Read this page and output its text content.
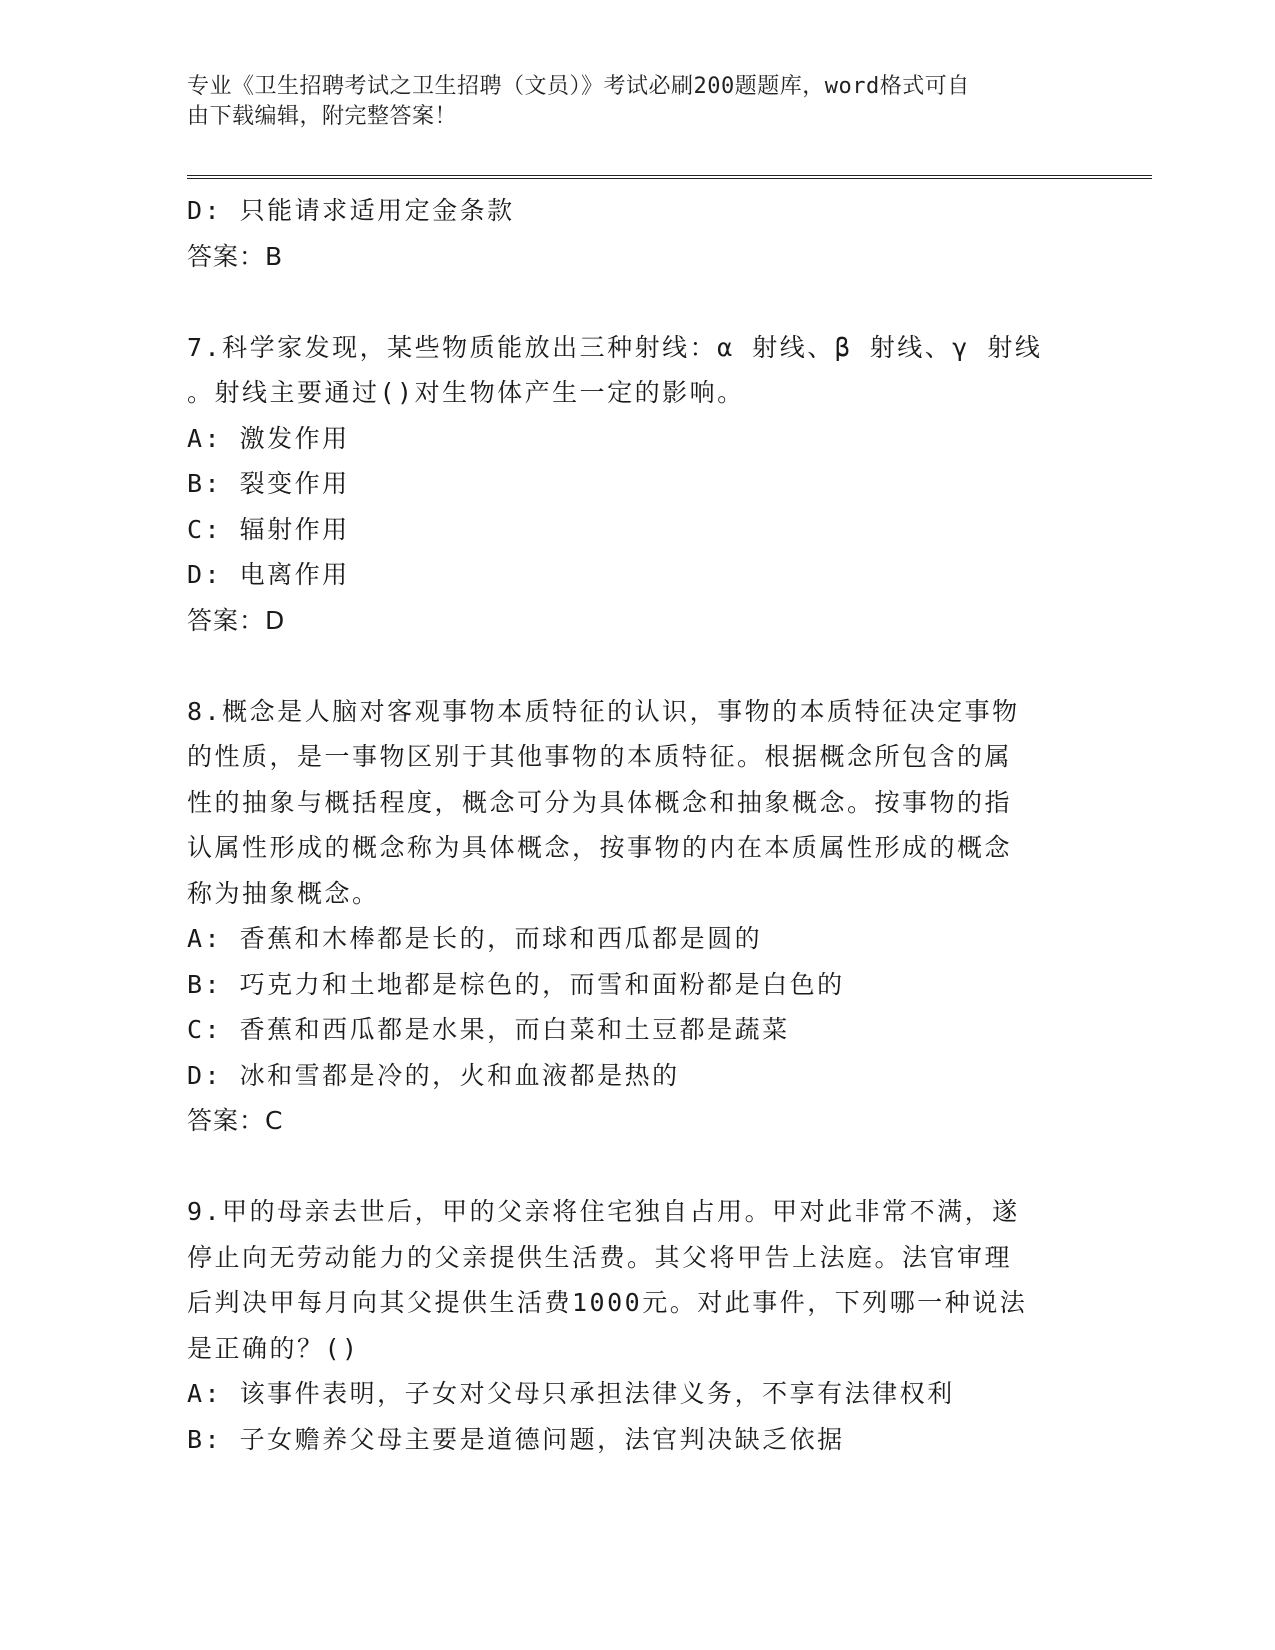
专业《卫生招聘考试之卫生招聘（文员）》考试必刷200题题库，word格式可自
由下载编辑，附完整答案！
D: 只能请求适用定金条款
答案：B
7.科学家发现，某些物质能放出三种射线：α 射线、β 射线、γ 射线
。射线主要通过()对生物体产生一定的影响。
A: 激发作用
B: 裂变作用
C: 辐射作用
D: 电离作用
答案：D
8.概念是人脑对客观事物本质特征的认识，事物的本质特征决定事物
的性质，是一事物区别于其他事物的本质特征。根据概念所包含的属
性的抽象与概括程度，概念可分为具体概念和抽象概念。按事物的指
认属性形成的概念称为具体概念，按事物的内在本质属性形成的概念
称为抽象概念。
A: 香蕉和木棒都是长的，而球和西瓜都是圆的
B: 巧克力和土地都是棕色的，而雪和面粉都是白色的
C: 香蕉和西瓜都是水果，而白菜和土豆都是蔬菜
D: 冰和雪都是冷的，火和血液都是热的
答案：C
9.甲的母亲去世后，甲的父亲将住宅独自占用。甲对此非常不满，遂
停止向无劳动能力的父亲提供生活费。其父将甲告上法庭。法官审理
后判决甲每月向其父提供生活费1000元。对此事件，下列哪一种说法
是正确的？()
A: 该事件表明，子女对父母只承担法律义务，不享有法律权利
B: 子女赡养父母主要是道德问题，法官判决缺乏依据
